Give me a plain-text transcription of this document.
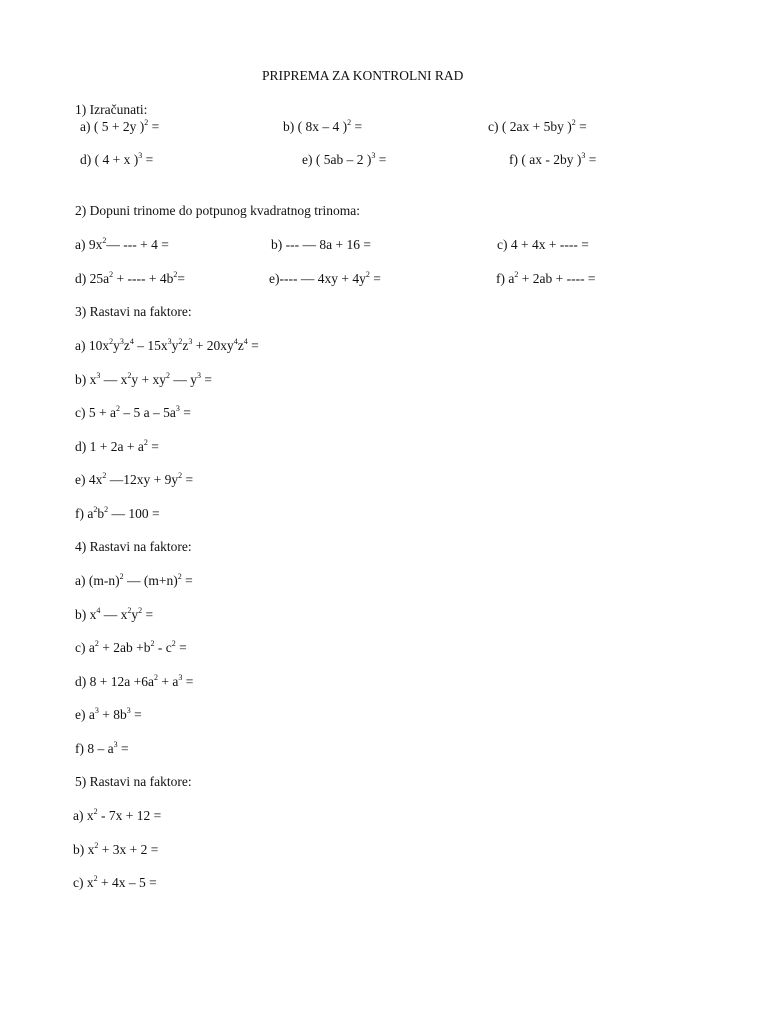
PRIPREMA ZA KONTROLNI RAD
1) Izračunati:
a) ( 5 + 2y )$^2$ =	b) ( 8x – 4 )$^2$ =	c) ( 2ax + 5by )$^2$ =
d) ( 4 + x )$^3$ =	e) ( 5ab – 2 )$^3$ =	f) ( ax - 2by )$^3$ =
2) Dopuni trinome do potpunog kvadratnog trinoma:
a) $9x^2—$ --- + 4 =	b) --- — 8a + 16 =	c) 4 + 4x + ---- =
d) $25a^2$ + ---- + $4b^2=$	e)---- — $4xy + 4y^2$ =	f) $a^2 + 2ab$ + ---- =
3) Rastavi na faktore:
a) $10x^2y^3z^4 - 15x^3y^2z^3 + 20xy^4z^4$ =
b) $x^3$ — $x^2y + xy^2$ — $y^3$ =
c) $5 + a^2 - 5$ a – $5a^3$ =
d) $1 + 2a + a^2$ =
e) $4x^2$ —12xy + $9y^2$ =
f) $a^2b^2$ — 100 =
4) Rastavi na faktore:
a) $(m-n)^2$ — $(m+n)^2$ =
b) $x^4$ — $x^2y^2$ =
c) $a^2 + 2ab +b^2 - c^2$ =
d) $8 + 12a +6a^2 + a^3$ =
e) $a^3 + 8b^3$ =
f) $8 - a^3$ =
5) Rastavi na faktore:
a) $x^2 - 7x + 12$ =
b) $x^2 + 3x + 2$ =
c) $x^2 + 4x - 5$ =
